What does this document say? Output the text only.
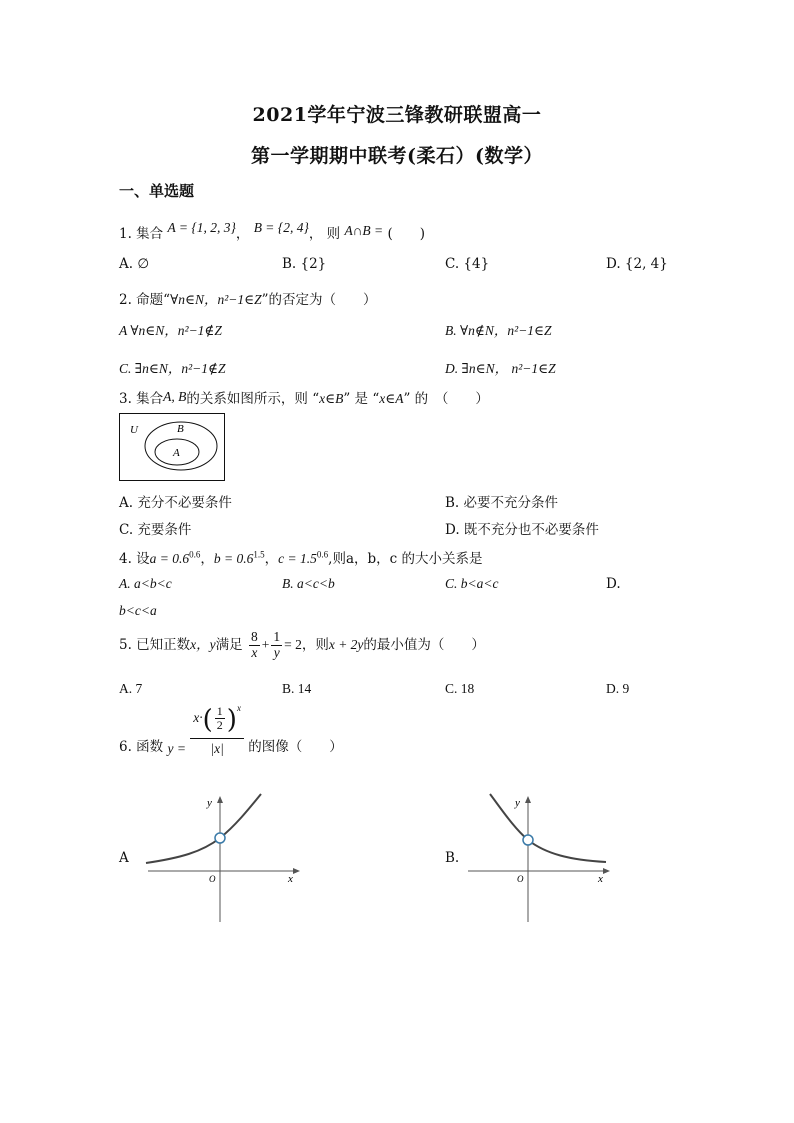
2021学年宁波三锋教研联盟高一
第一学期期中联考(柔石）(数学）
一、单选题
1. 集合 A = {1, 2, 3}， B = {2, 4}， 则 A∩B = (　　)
A. ∅	B. {2}	C. {4}	D. {2, 4}
2. 命题“∀n∈N，n²−1∈Z”的否定为（　　）
A ∀n∈N，n²−1∉Z	B. ∀n∉N，n²−1∈Z
C. ∃n∈N，n²−1∉Z	D. ∃n∈N， n²−1∈Z
3. 集合A, B的关系如图所示，则 “x∈B” 是 “x∈A” 的　（　　）
U	B
A
A. 充分不必要条件	B. 必要不充分条件
C. 充要条件	D. 既不充分也不必要条件
4. 设$a = 0.6^{0.6}$，$b = 0.6^{1.5}$，$c = 1.5^{0.6}$,则a，b，c 的大小关系是
A. a<b<c	B. a<c<b	C. b<a<c	D.
b<c<a
5. 已知正数x，y满足 $\frac{8}{x} + \frac{1}{y} = 2$，则x + 2y的最小值为（　　）
A. 7	B. 14	C. 18	D. 9
6. 函数 $y = \frac{x\cdot( \frac{1}{2} )^x}{|x|}$ 的图像（　　）
A
y
x
O
B.
y
x
O
